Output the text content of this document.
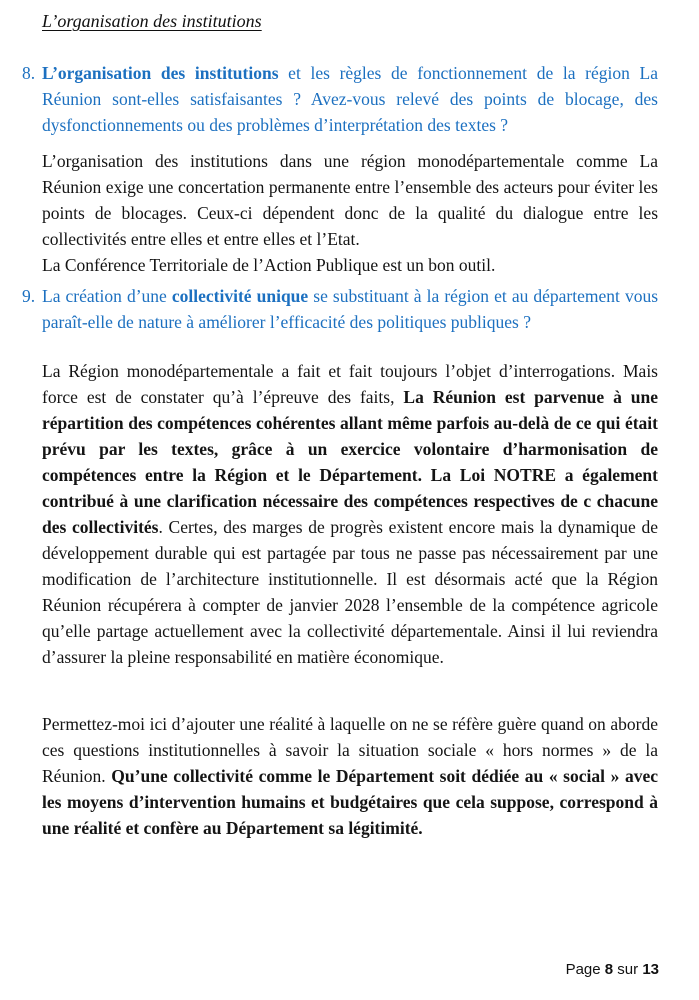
L’organisation des institutions
8. L’organisation des institutions et les règles de fonctionnement de la région La Réunion sont-elles satisfaisantes ? Avez-vous relevé des points de blocage, des dysfonctionnements ou des problèmes d’interprétation des textes ?
L’organisation des institutions dans une région monodépartementale comme La Réunion exige une concertation permanente entre l’ensemble des acteurs pour éviter les points de blocages. Ceux-ci dépendent donc de la qualité du dialogue entre les collectivités entre elles et entre elles et l’Etat.
La Conférence Territoriale de l’Action Publique est un bon outil.
9. La création d’une collectivité unique se substituant à la région et au département vous paraît-elle de nature à améliorer l’efficacité des politiques publiques ?
La Région monodépartementale a fait et fait toujours l’objet d’interrogations. Mais force est de constater qu’à l’épreuve des faits, La Réunion est parvenue à une répartition des compétences cohérentes allant même parfois au-delà de ce qui était prévu par les textes, grâce à un exercice volontaire d’harmonisation de compétences entre la Région et le Département. La Loi NOTRE a également contribué à une clarification nécessaire des compétences respectives de c chacune des collectivités. Certes, des marges de progrès existent encore mais la dynamique de développement durable qui est partagée par tous ne passe pas nécessairement par une modification de l’architecture institutionnelle. Il est désormais acté que la Région Réunion récupérera à compter de janvier 2028 l’ensemble de la compétence agricole qu’elle partage actuellement avec la collectivité départementale. Ainsi il lui reviendra d’assurer la pleine responsabilité en matière économique.
Permettez-moi ici d’ajouter une réalité à laquelle on ne se réfère guère quand on aborde ces questions institutionnelles à savoir la situation sociale « hors normes » de la Réunion. Qu’une collectivité comme le Département soit dédiée au « social » avec les moyens d’intervention humains et budgétaires que cela suppose, correspond à une réalité et confère au Département sa légitimité.
Page 8 sur 13
